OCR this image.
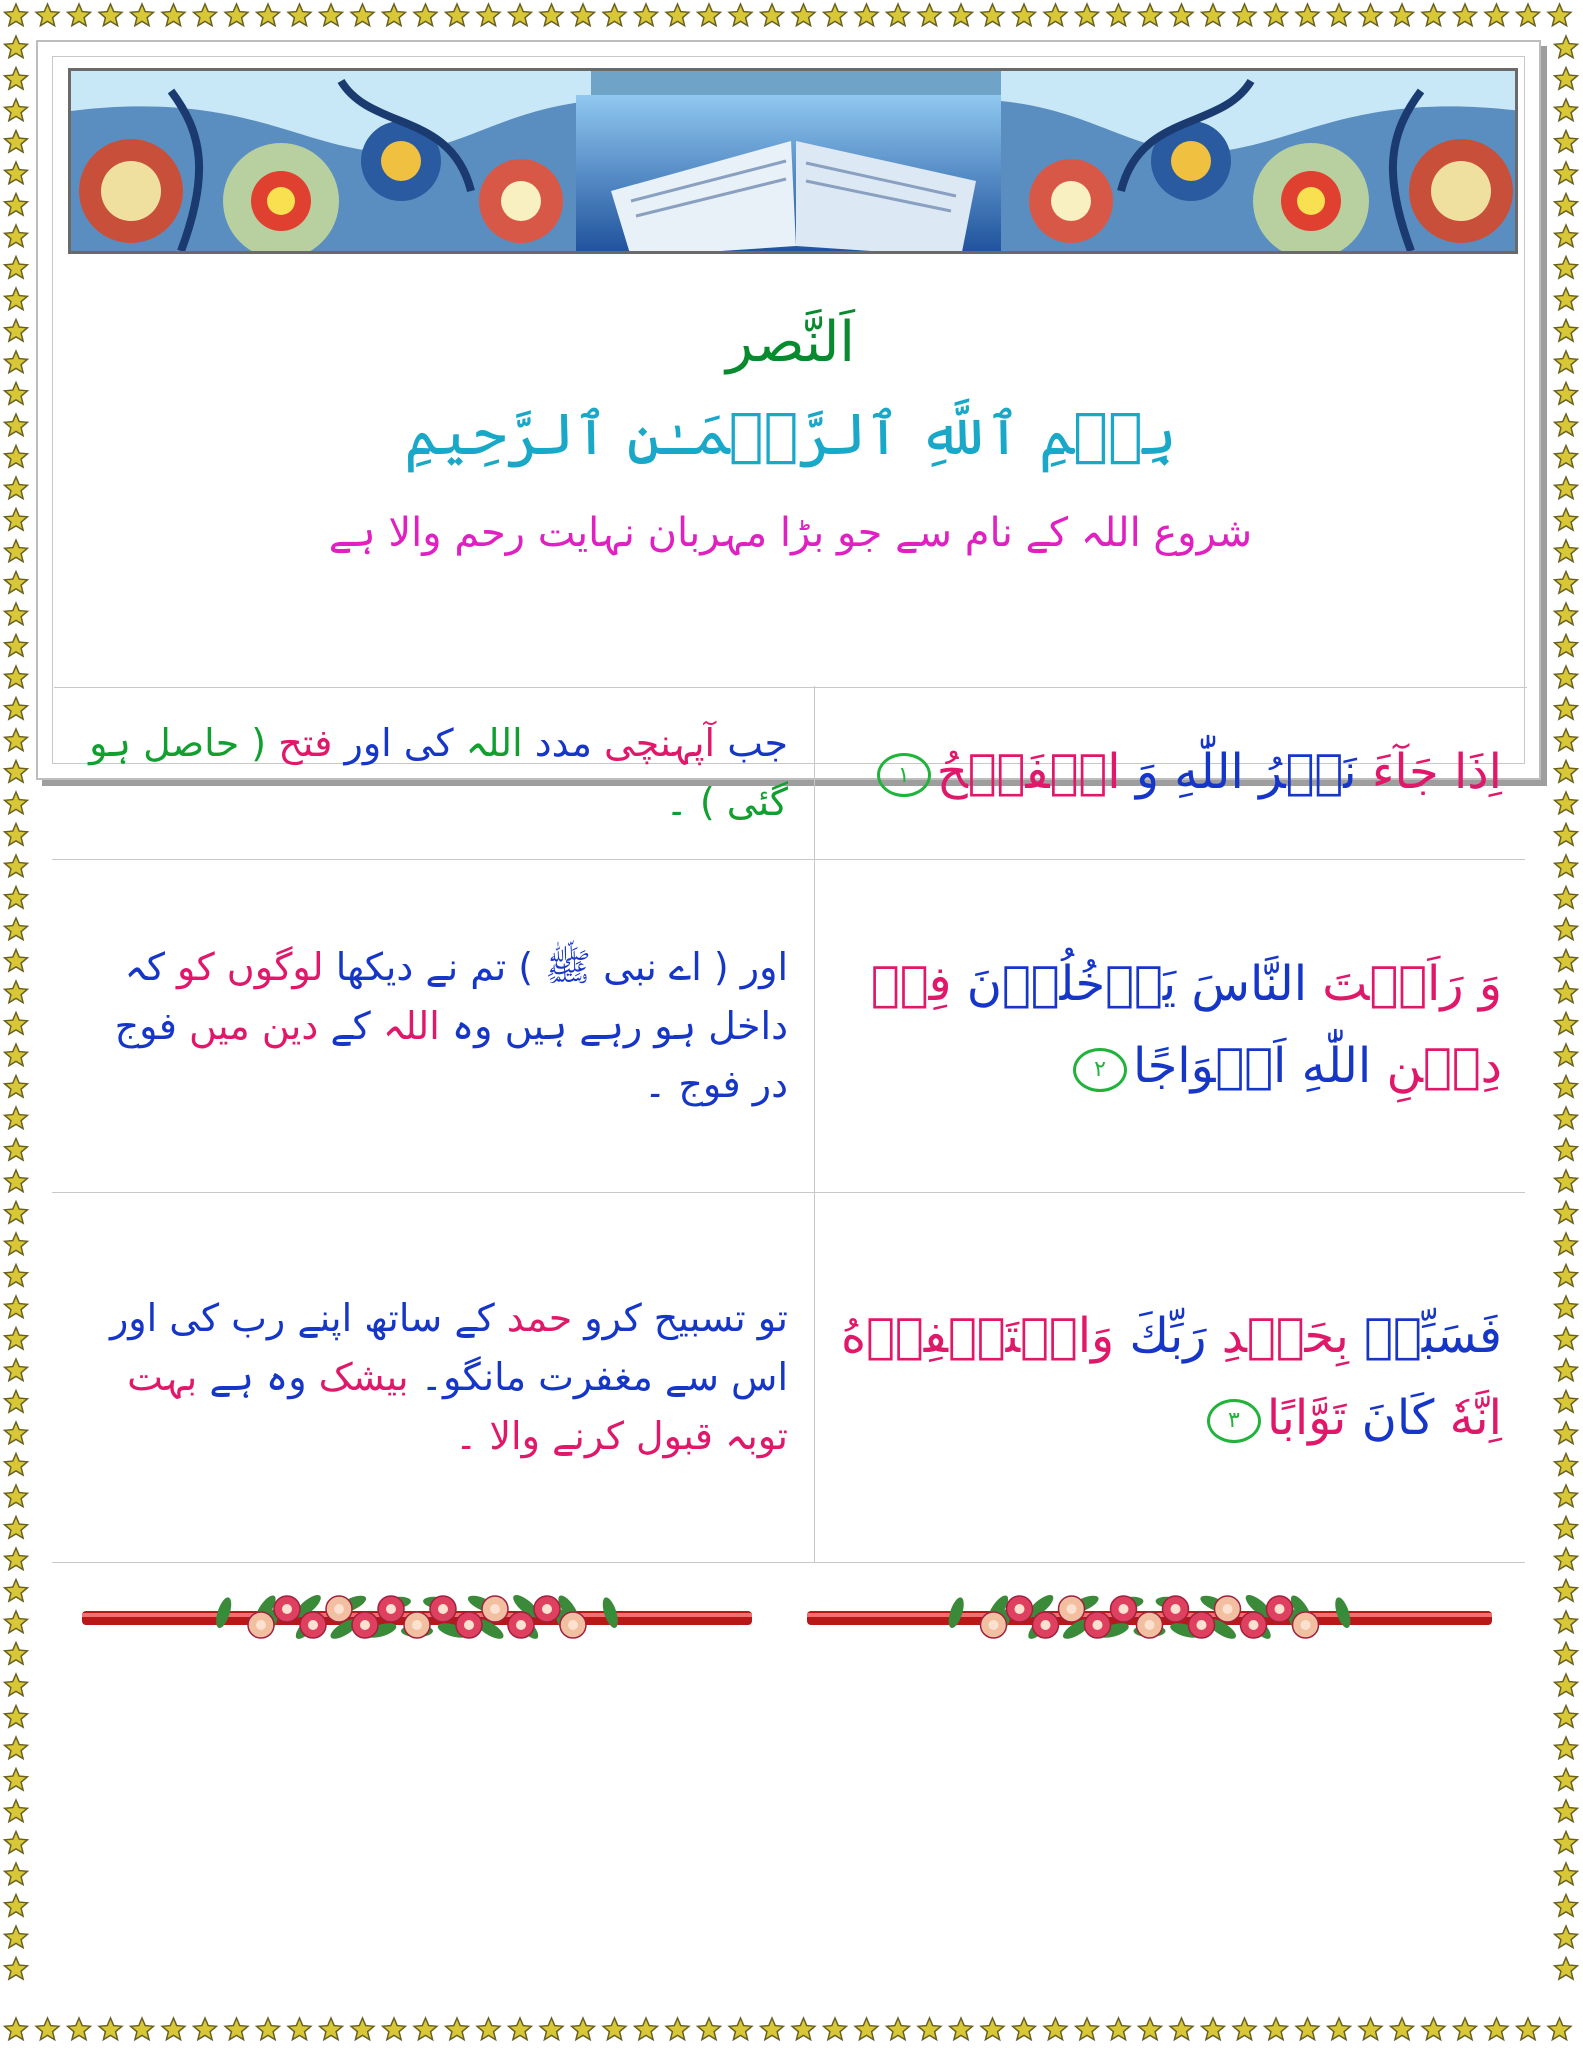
اَلنَّصر
بِسۡمِ ٱللَّهِ ٱلرَّحۡمَـٰنِ ٱلرَّحِيمِ
شروع اللہ کے نام سے جو بڑا مہربان نہایت رحم والا ہے
اِذَا جَآءَ نَصۡرُ اللّٰهِ وَ الۡفَتۡحُ١
جب آپہنچی مدد اللہ کی اور فتح ( حاصل ہو گئی ) ۔
وَ رَاَيۡتَ النَّاسَ يَدۡخُلُوۡنَ فِىۡ دِيۡنِ اللّٰهِ اَفۡوَاجًا٢
اور ( اے نبی ﷺ ) تم نے دیکھا لوگوں کو کہ داخل ہو رہے ہیں وہ اللہ کے دین میں فوج در فوج ۔
فَسَبِّحۡ بِحَمۡدِ رَبِّكَ وَاسۡتَغۡفِرۡهُ اِنَّهٗ كَانَ تَوَّابًا٣
تو تسبیح کرو حمد کے ساتھ اپنے رب کی اور اس سے مغفرت مانگو۔ بیشک وہ ہے بہت توبہ قبول کرنے والا ۔
